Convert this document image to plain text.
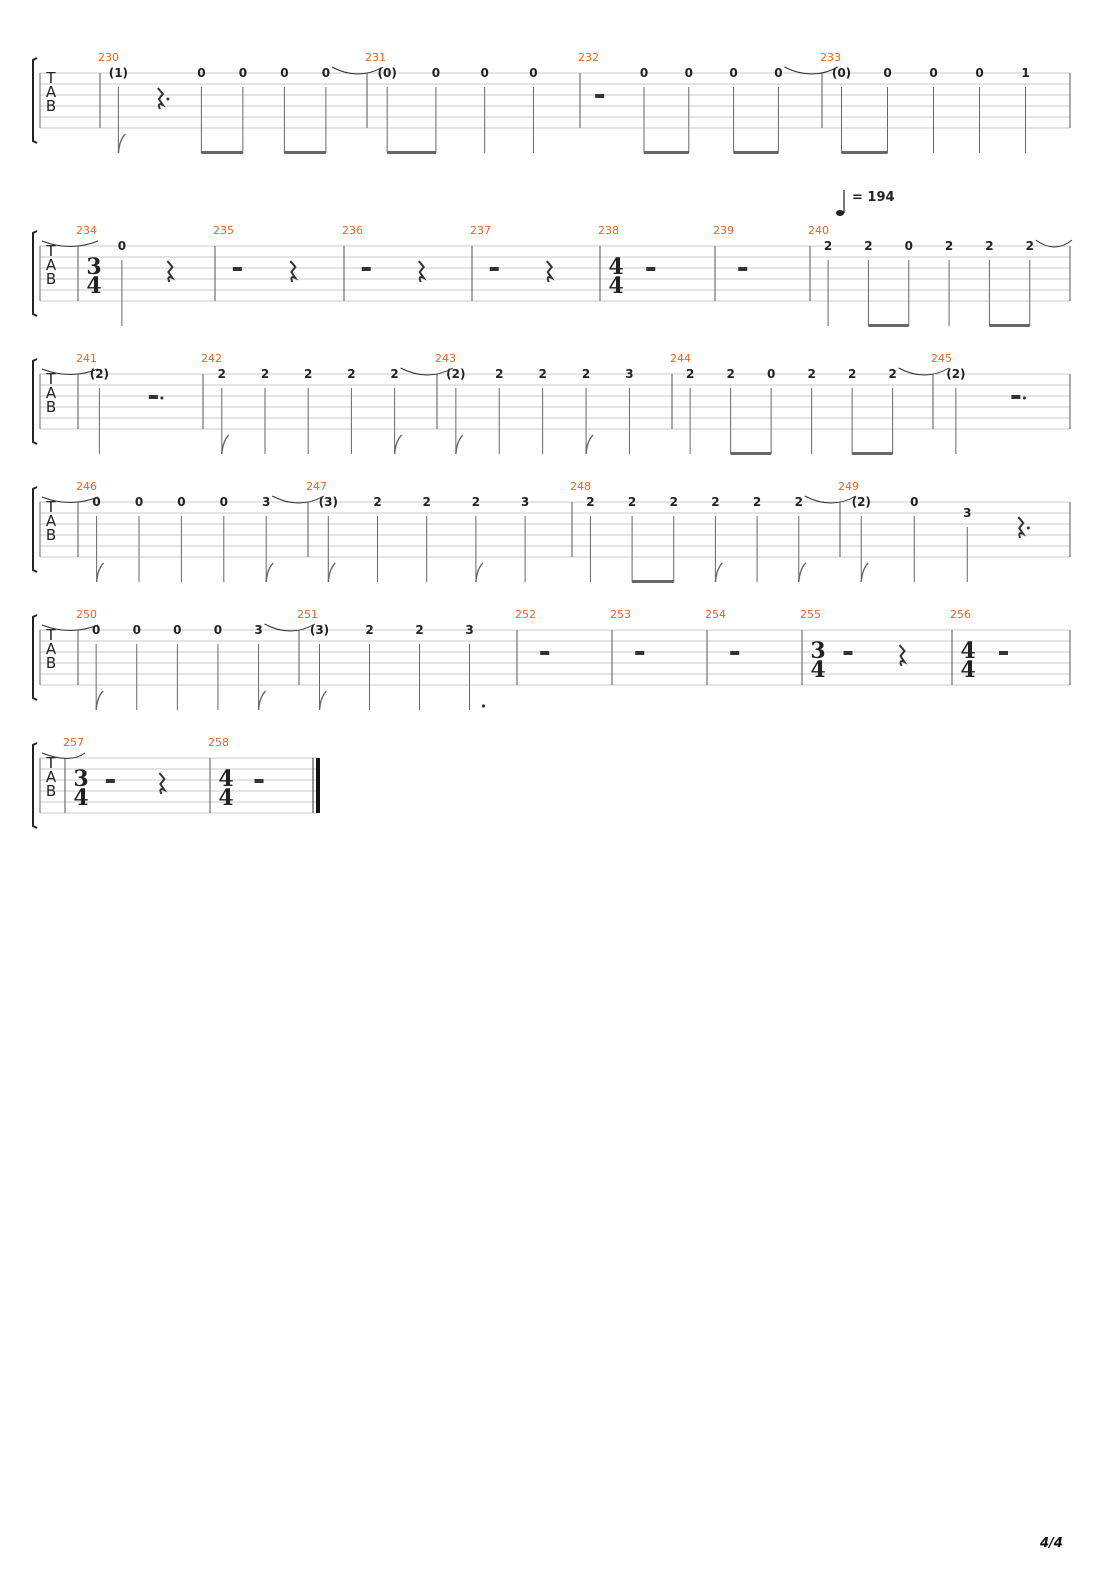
T
A
B
230
(1)	0	0	0	0
231
(0)	0	0	0
232
0	0	0	0
233
(0)	0	0	0	1
T
A
B
234
3
4
0
235	236	237	238
4
4
239	240
= 194
2	2	0	2	2	2
T
A
B
241
(2)
242
2	2	2	2	2
243
(2) 2	2	2	3
244
2	2	0	2	2	2
245
(2)
T
A
B
246
0	0	0	0	3
247
(3)	2	2	2	3
248
2	2	2	2	2	2
249
(2)	0
3
T
A
B
250
0	0	0	0	3
251
(3)	2	2	3
252	253	254	255
3
4
256
4
4
T
A
B
257
3
4
258
4
4
4/4
